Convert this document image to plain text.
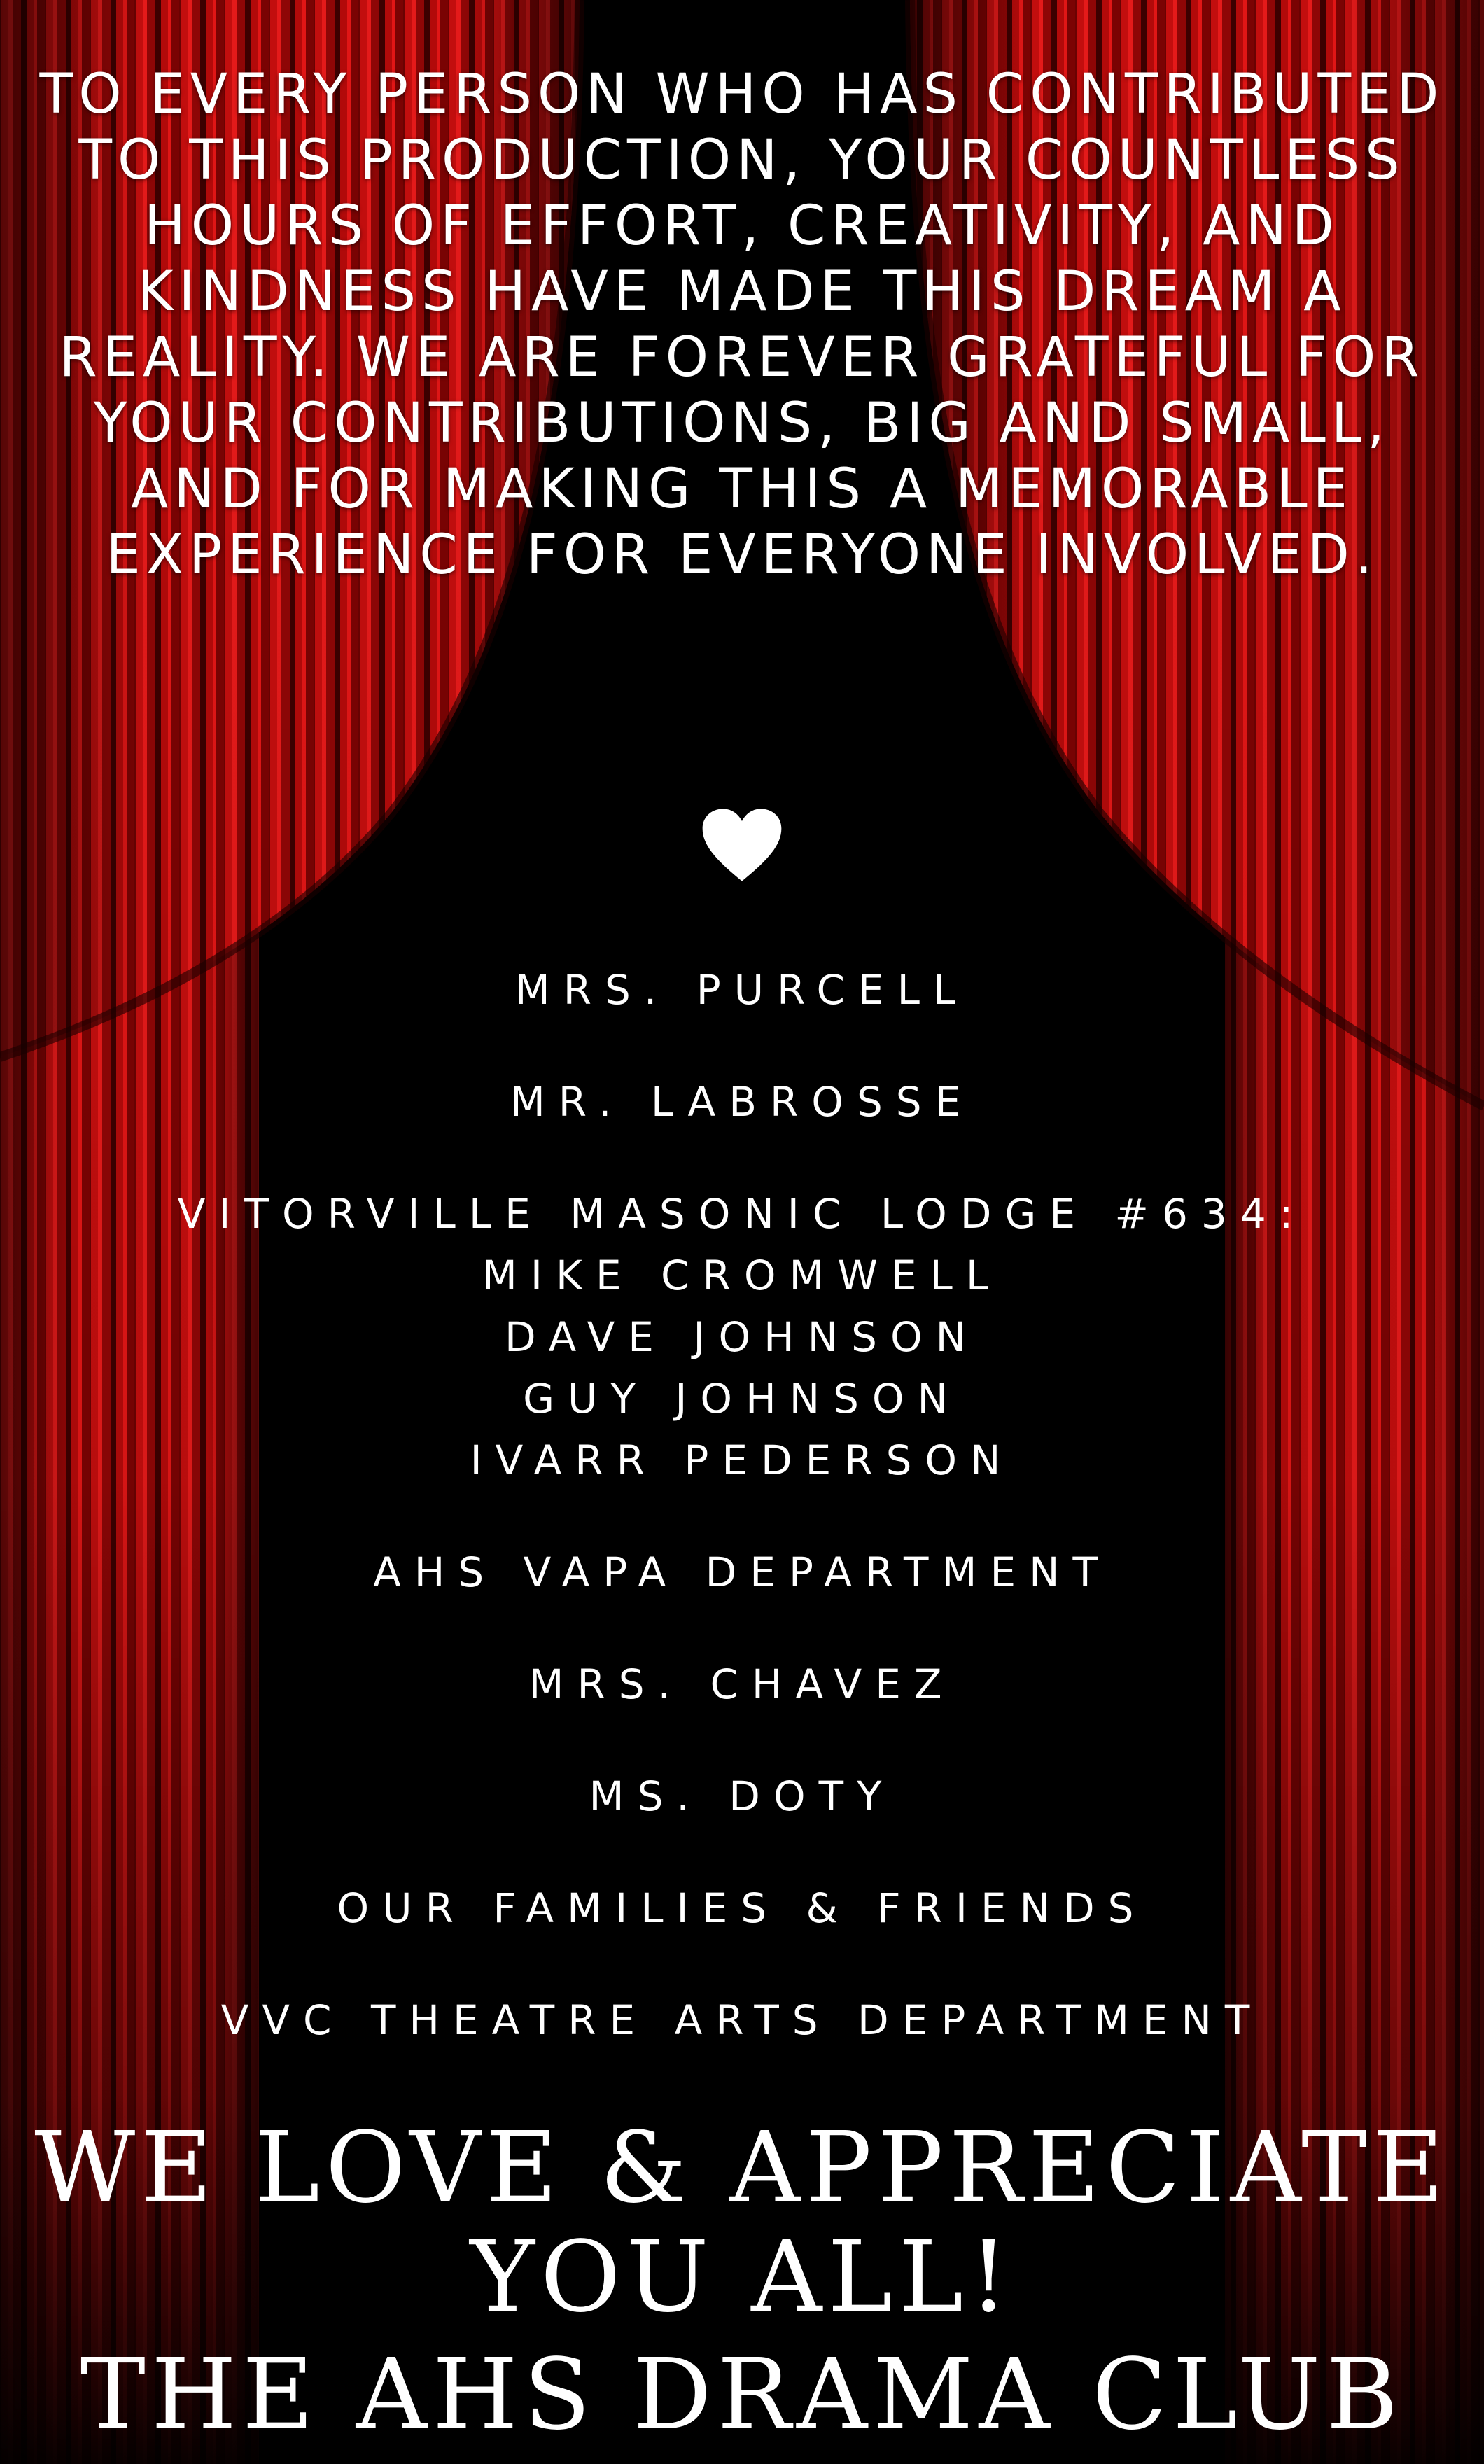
TO EVERY PERSON WHO HAS CONTRIBUTED TO THIS PRODUCTION, YOUR COUNTLESS HOURS OF EFFORT, CREATIVITY, AND KINDNESS HAVE MADE THIS DREAM A REALITY. WE ARE FOREVER GRATEFUL FOR YOUR CONTRIBUTIONS, BIG AND SMALL, AND FOR MAKING THIS A MEMORABLE EXPERIENCE FOR EVERYONE INVOLVED.

MRS. PURCELL
MR. LABROSSE
VITORVILLE MASONIC LODGE #634:
MIKE CROMWELL
DAVE JOHNSON
GUY JOHNSON
IVARR PEDERSON
AHS VAPA DEPARTMENT
MRS. CHAVEZ
MS. DOTY
OUR FAMILIES & FRIENDS
VVC THEATRE ARTS DEPARTMENT
WE LOVE & APPRECIATE
YOU ALL!
THE AHS DRAMA CLUB
